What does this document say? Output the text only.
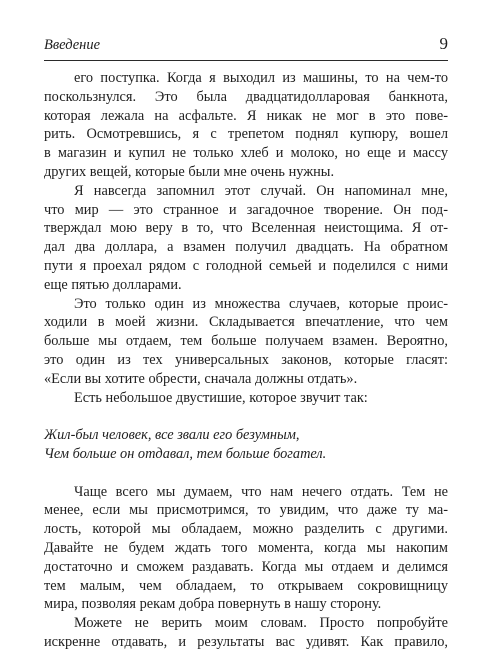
Введение	9
его поступка. Когда я выходил из машины, то на чем-то
поскользнулся. Это была двадцатидолларовая банкнота,
которая лежала на асфальте. Я никак не мог в это пове-
рить. Осмотревшись, я с трепетом поднял купюру, вошел
в магазин и купил не только хлеб и молоко, но еще и массу
других вещей, которые были мне очень нужны.
Я навсегда запомнил этот случай. Он напоминал мне,
что мир — это странное и загадочное творение. Он под-
тверждал мою веру в то, что Вселенная неистощима. Я от-
дал два доллара, а взамен получил двадцать. На обратном
пути я проехал рядом с голодной семьей и поделился с ними
еще пятью долларами.
Это только один из множества случаев, которые проис-
ходили в моей жизни. Складывается впечатление, что чем
больше мы отдаем, тем больше получаем взамен. Вероятно,
это один из тех универсальных законов, которые гласят:
«Если вы хотите обрести, сначала должны отдать».
Есть небольшое двустишие, которое звучит так:
Жил-был человек, все звали его безумным,
Чем больше он отдавал, тем больше богател.
Чаще всего мы думаем, что нам нечего отдать. Тем не
менее, если мы присмотримся, то увидим, что даже ту ма-
лость, которой мы обладаем, можно разделить с другими.
Давайте не будем ждать того момента, когда мы накопим
достаточно и сможем раздавать. Когда мы отдаем и делимся
тем малым, чем обладаем, то открываем сокровищницу
мира, позволяя рекам добра повернуть в нашу сторону.
Можете не верить моим словам. Просто попробуйте
искренне отдавать, и результаты вас удивят. Как правило,
